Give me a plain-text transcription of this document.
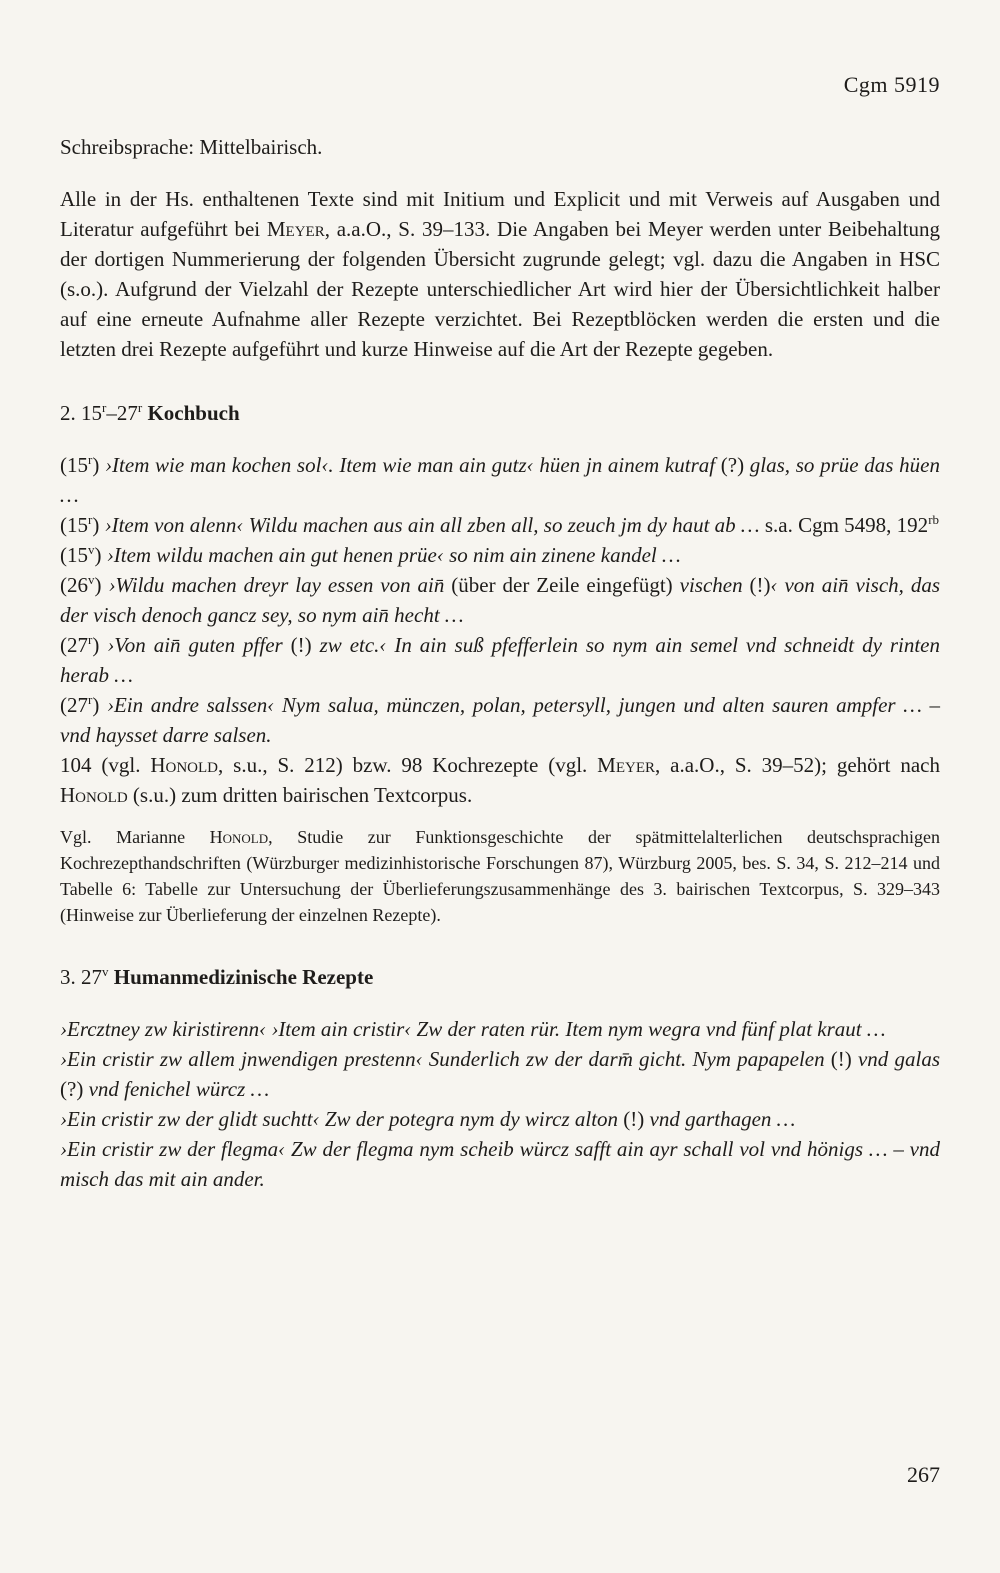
Cgm 5919

Schreibsprache: Mittelbairisch.

Alle in der Hs. enthaltenen Texte sind mit Initium und Explicit und mit Verweis auf Ausgaben und Literatur aufgeführt bei Meyer, a.a.O., S. 39–133. Die Angaben bei Meyer werden unter Beibehaltung der dortigen Nummerierung der folgenden Übersicht zugrunde gelegt; vgl. dazu die Angaben in HSC (s.o.). Aufgrund der Vielzahl der Rezepte unterschiedlicher Art wird hier der Übersichtlichkeit halber auf eine erneute Aufnahme aller Rezepte verzichtet. Bei Rezeptblöcken werden die ersten und die letzten drei Rezepte aufgeführt und kurze Hinweise auf die Art der Rezepte gegeben.

2. 15$^r$–27$^r$ Kochbuch

(15$^r$) ›Item wie man kochen sol‹. Item wie man ain gutz‹ hüen jn ainem kutraf (?) glas, so prüe das hüen …

(15$^r$) ›Item von alenn‹ Wildu machen aus ain all zben all, so zeuch jm dy haut ab … s.a. Cgm 5498, $192^{rb}$

(15$^v$) ›Item wildu machen ain gut henen prüe‹ so nim ain zinene kandel …

(26$^v$) ›Wildu machen dreyr lay essen von ain̄ (über der Zeile eingefügt) vischen (!)‹ von ain̄ visch, das der visch denoch gancz sey, so nym ain̄ hecht …

(27$^r$) ›Von ain̄ guten pffer (!) zw etc.‹ In ain suß pfefferlein so nym ain semel vnd schneidt dy rinten herab …

(27$^r$) ›Ein andre salssen‹ Nym salua, münczen, polan, petersyll, jungen und alten sauren ampfer … – vnd haysset darre salsen.

104 (vgl. Honold, s.u., S. 212) bzw. 98 Kochrezepte (vgl. Meyer, a.a.O., S. 39–52); gehört nach Honold (s.u.) zum dritten bairischen Textcorpus.

Vgl. Marianne Honold, Studie zur Funktionsgeschichte der spätmittelalterlichen deutschsprachigen Kochrezepthandschriften (Würzburger medizinhistorische Forschungen 87), Würzburg 2005, bes. S. 34, S. 212–214 und Tabelle 6: Tabelle zur Untersuchung der Überlieferungszusammenhänge des 3. bairischen Textcorpus, S. 329–343 (Hinweise zur Überlieferung der einzelnen Rezepte).

3. 27$^v$ Humanmedizinische Rezepte

›Ercztney zw kiristirenn‹ ›Item ain cristir‹ Zw der raten rür. Item nym wegra vnd fünf plat kraut …

›Ein cristir zw allem jnwendigen prestenn‹ Sunderlich zw der darm̄ gicht. Nym papapelen (!) vnd galas (?) vnd fenichel würcz …

›Ein cristir zw der glidt suchtt‹ Zw der potegra nym dy wircz alton (!) vnd garthagen …

›Ein cristir zw der flegma‹ Zw der flegma nym scheib würcz safft ain ayr schall vol vnd hönigs … – vnd misch das mit ain ander.

267
